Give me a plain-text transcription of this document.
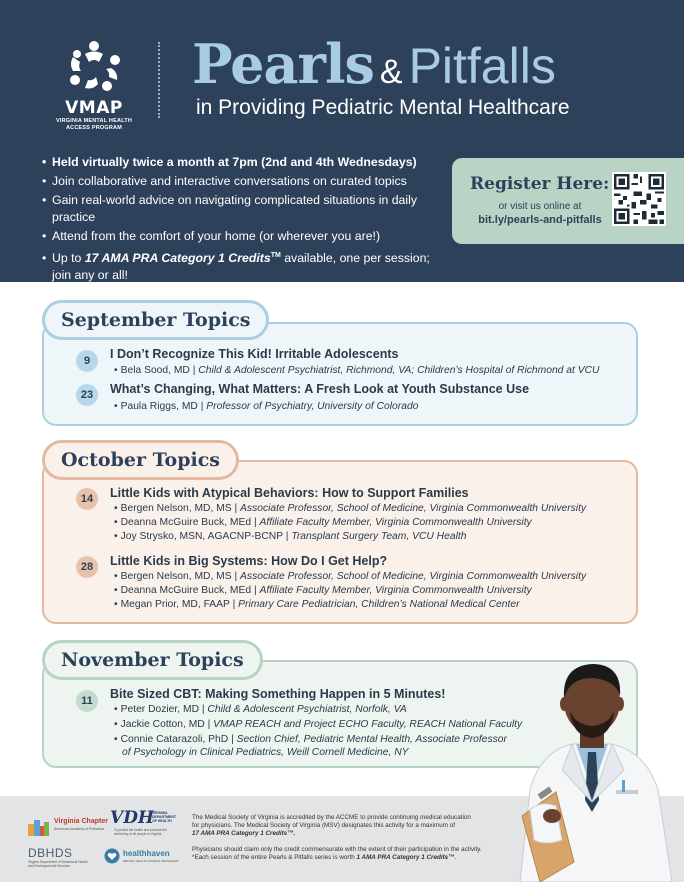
VMAP
VIRGINIA MENTAL HEALTH
ACCESS PROGRAM
Pearls & Pitfalls
in Providing Pediatric Mental Healthcare
• Held virtually twice a month at 7pm (2nd and 4th Wednesdays)
• Join collaborative and interactive conversations on curated topics
• Gain real-world advice on navigating complicated situations in daily practice
• Attend from the comfort of your home (or wherever you are!)
• Up to 17 AMA PRA Category 1 Credits™ available, one per session; join any or all!
Register Here:
or visit us online at
bit.ly/pearls-and-pitfalls
September Topics
9	I Don’t Recognize This Kid! Irritable Adolescents
• Bela Sood, MD | Child & Adolescent Psychiatrist, Richmond, VA; Children’s Hospital of Richmond at VCU
23	What’s Changing, What Matters: A Fresh Look at Youth Substance Use
• Paula Riggs, MD | Professor of Psychiatry, University of Colorado
October Topics
14	Little Kids with Atypical Behaviors: How to Support Families
• Bergen Nelson, MD, MS | Associate Professor, School of Medicine, Virginia Commonwealth University
• Deanna McGuire Buck, MEd | Affiliate Faculty Member, Virginia Commonwealth University
• Joy Strysko, MSN, AGACNP-BCNP | Transplant Surgery Team, VCU Health
28	Little Kids in Big Systems: How Do I Get Help?
• Bergen Nelson, MD, MS | Associate Professor, School of Medicine, Virginia Commonwealth University
• Deanna McGuire Buck, MEd | Affiliate Faculty Member, Virginia Commonwealth University
• Megan Prior, MD, FAAP | Primary Care Pediatrician, Children’s National Medical Center
November Topics
11	Bite Sized CBT: Making Something Happen in 5 Minutes!
• Peter Dozier, MD | Child & Adolescent Psychiatrist, Norfolk, VA
• Jackie Cotton, MD | VMAP REACH and Project ECHO Faculty, REACH National Faculty
• Connie Catarazoli, PhD | Section Chief, Pediatric Mental Health, Associate Professor
of Psychology in Clinical Pediatrics, Weill Cornell Medicine, NY
Virginia Chapter
American Academy of Pediatrics
VDH
VIRGINIA
DEPARTMENT
OF HEALTH
To protect the health and promote the
well-being of all people in Virginia.
DBHDS
Virginia Department of Behavioral Health
and Developmental Services
healthhaven
MENTAL HEALTH ACCESS PROGRAMS
The Medical Society of Virginia is accredited by the ACCME to provide continuing medical education
for physicians. The Medical Society of Virginia (MSV) designates this activity for a maximum of
17 AMA PRA Category 1 Credits™.
Physicians should claim only the credit commensurate with the extent of their participation in the activity.
*Each session of the entire Pearls & Pitfalls series is worth 1 AMA PRA Category 1 Credits™.
